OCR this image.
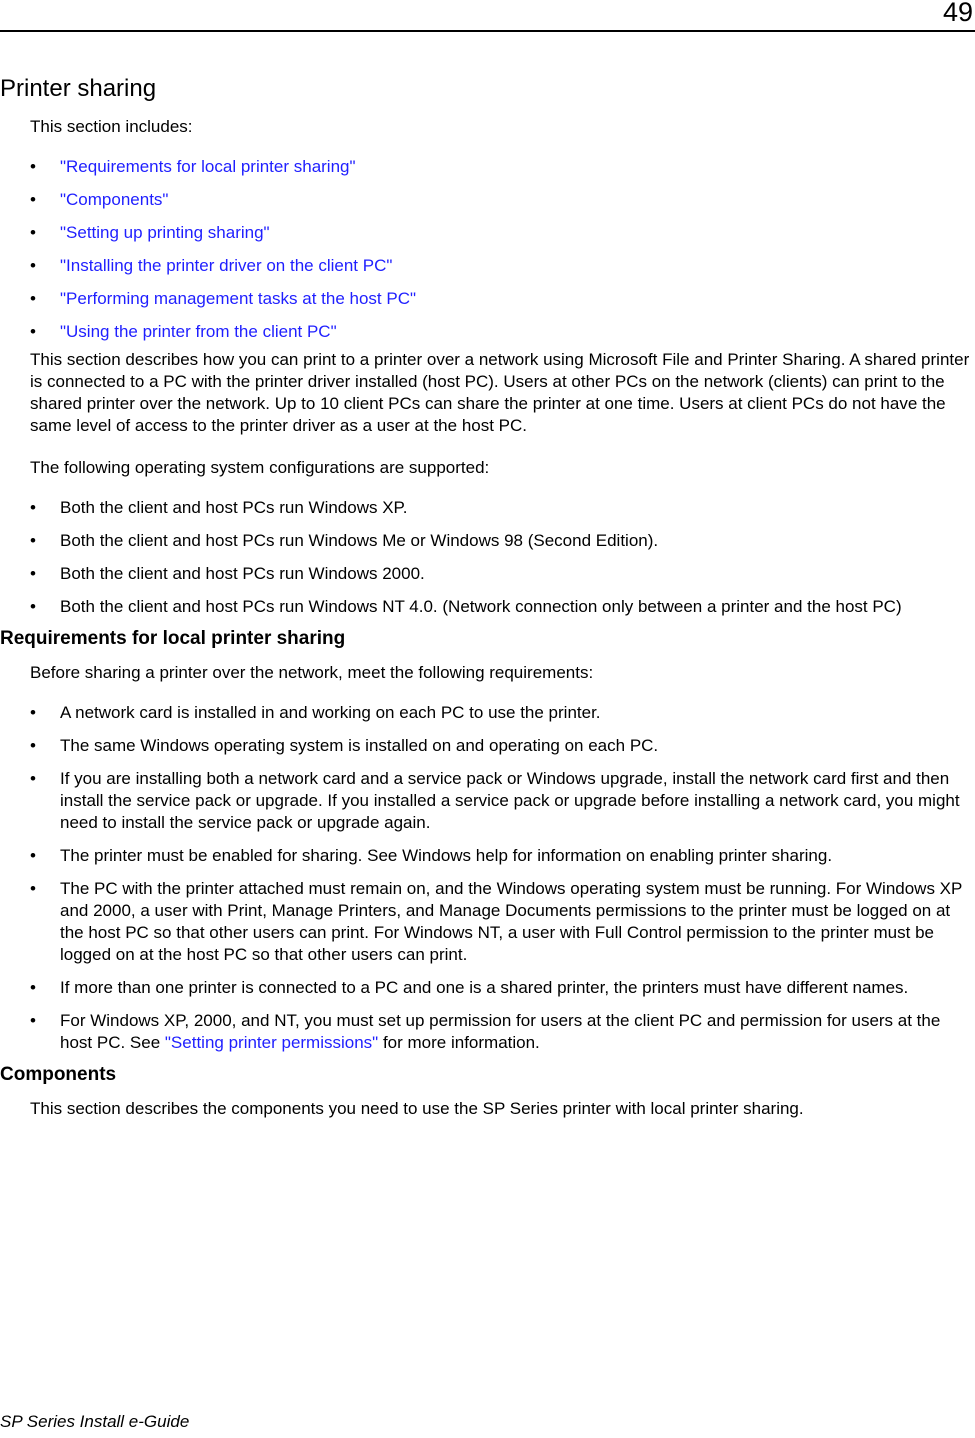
49
Printer sharing

This section includes:

• "Requirements for local printer sharing"
• "Components"
• "Setting up printing sharing"
• "Installing the printer driver on the client PC"
• "Performing management tasks at the host PC"
• "Using the printer from the client PC"

This section describes how you can print to a printer over a network using Microsoft File and Printer Sharing. A shared printer is connected to a PC with the printer driver installed (host PC). Users at other PCs on the network (clients) can print to the shared printer over the network. Up to 10 client PCs can share the printer at one time. Users at client PCs do not have the same level of access to the printer driver as a user at the host PC.

The following operating system configurations are supported:

• Both the client and host PCs run Windows XP.
• Both the client and host PCs run Windows Me or Windows 98 (Second Edition).
• Both the client and host PCs run Windows 2000.
• Both the client and host PCs run Windows NT 4.0. (Network connection only between a printer and the host PC)
Requirements for local printer sharing

Before sharing a printer over the network, meet the following requirements:

• A network card is installed in and working on each PC to use the printer.
• The same Windows operating system is installed on and operating on each PC.
• If you are installing both a network card and a service pack or Windows upgrade, install the network card first and then install the service pack or upgrade. If you installed a service pack or upgrade before installing a network card, you might need to install the service pack or upgrade again.
• The printer must be enabled for sharing. See Windows help for information on enabling printer sharing.
• The PC with the printer attached must remain on, and the Windows operating system must be running. For Windows XP and 2000, a user with Print, Manage Printers, and Manage Documents permissions to the printer must be logged on at the host PC so that other users can print. For Windows NT, a user with Full Control permission to the printer must be logged on at the host PC so that other users can print.
• If more than one printer is connected to a PC and one is a shared printer, the printers must have different names.
• For Windows XP, 2000, and NT, you must set up permission for users at the client PC and permission for users at the host PC. See "Setting printer permissions" for more information.
Components

This section describes the components you need to use the SP Series printer with local printer sharing.

SP Series Install e-Guide
